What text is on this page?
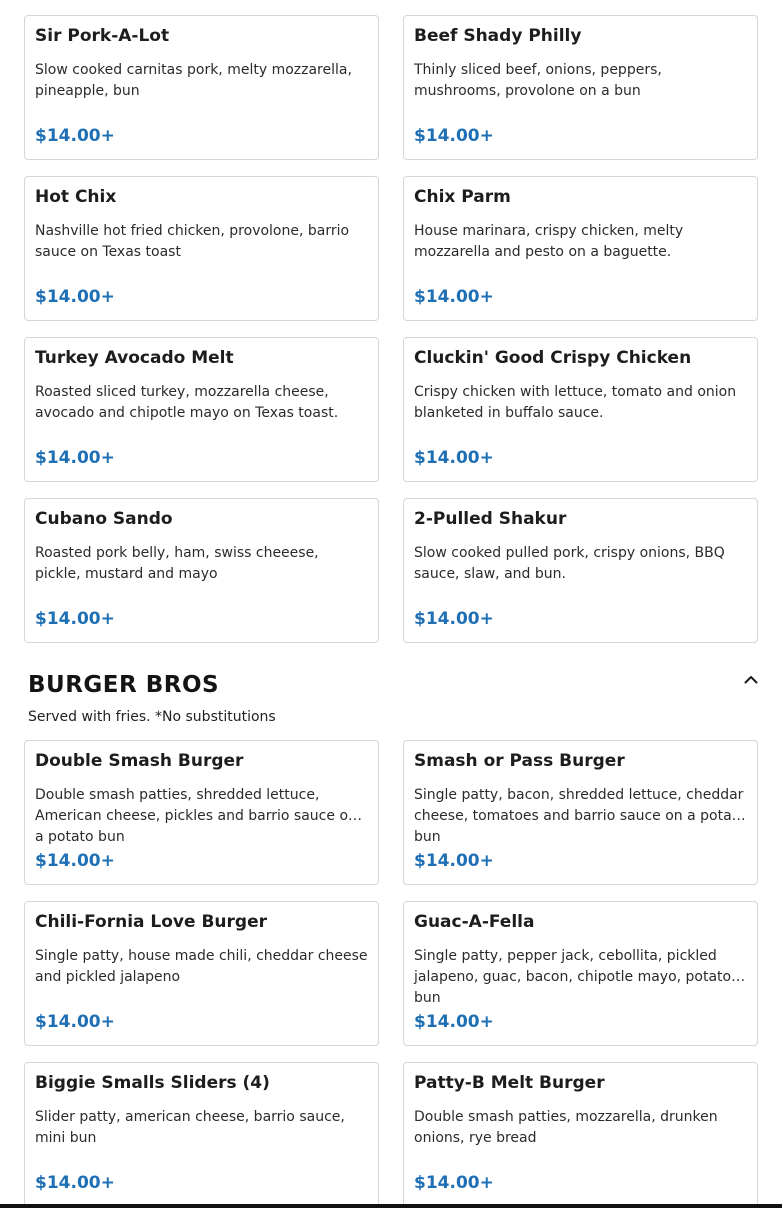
Sir Pork-A-Lot
Slow cooked carnitas pork, melty mozzarella, pineapple, bun
$14.00+
Beef Shady Philly
Thinly sliced beef, onions, peppers, mushrooms, provolone on a bun
$14.00+
Hot Chix
Nashville hot fried chicken, provolone, barrio sauce on Texas toast
$14.00+
Chix Parm
House marinara, crispy chicken, melty mozzarella and pesto on a baguette.
$14.00+
Turkey Avocado Melt
Roasted sliced turkey, mozzarella cheese, avocado and chipotle mayo on Texas toast.
$14.00+
Cluckin' Good Crispy Chicken
Crispy chicken with lettuce, tomato and onion blanketed in buffalo sauce.
$14.00+
Cubano Sando
Roasted pork belly, ham, swiss cheeese, pickle, mustard and mayo
$14.00+
2-Pulled Shakur
Slow cooked pulled pork, crispy onions, BBQ sauce, slaw, and bun.
$14.00+
BURGER BROS
Served with fries. *No substitutions
Double Smash Burger
Double smash patties, shredded lettuce, American cheese, pickles and barrio sauce on a potato bun
$14.00+
Smash or Pass Burger
Single patty, bacon, shredded lettuce, cheddar cheese, tomatoes and barrio sauce on a potato bun
$14.00+
Chili-Fornia Love Burger
Single patty, house made chili, cheddar cheese and pickled jalapeno
$14.00+
Guac-A-Fella
Single patty, pepper jack, cebollita, pickled jalapeno, guac, bacon, chipotle mayo, potato bun
$14.00+
Biggie Smalls Sliders (4)
Slider patty, american cheese, barrio sauce, mini bun
$14.00+
Patty-B Melt Burger
Double smash patties, mozzarella, drunken onions, rye bread
$14.00+
